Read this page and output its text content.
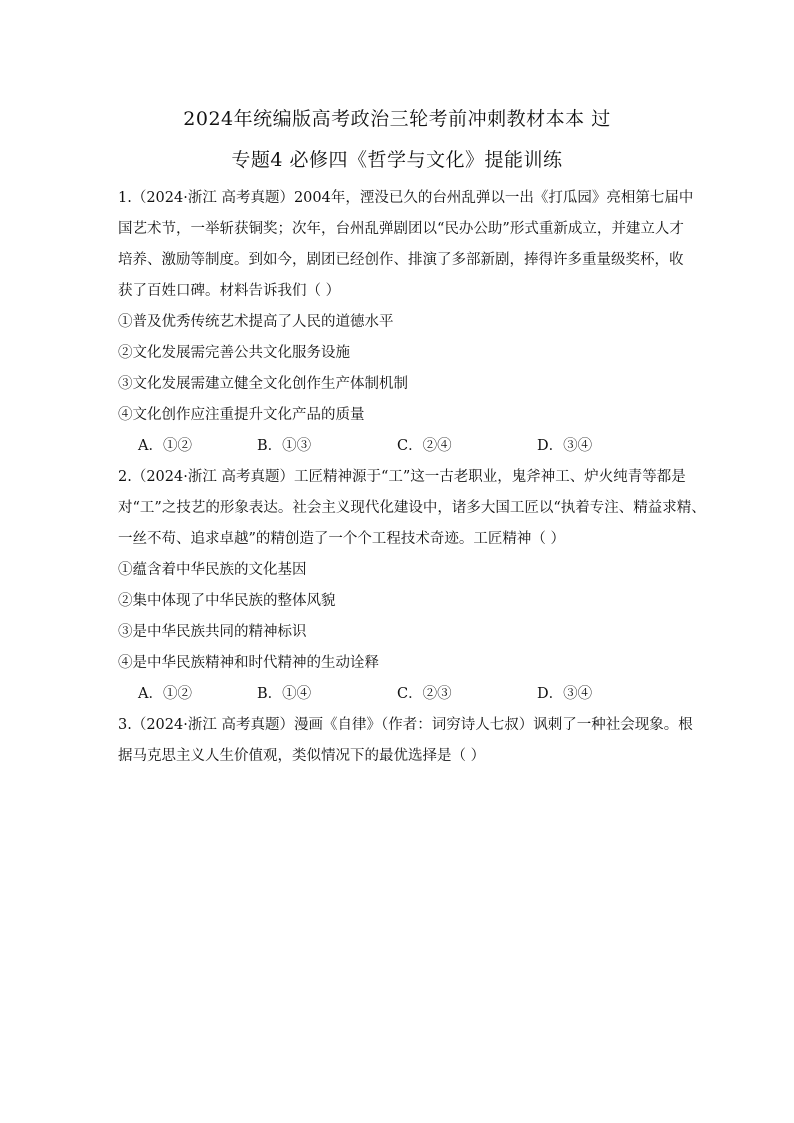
2024年统编版高考政治三轮考前冲刺教材本本 过
专题4 必修四《哲学与文化》提能训练
1.（2024·浙江 高考真题）2004年，湮没已久的台州乱弹以一出《打瓜园》亮相第七届中
国艺术节，一举斩获铜奖；次年，台州乱弹剧团以“民办公助”形式重新成立，并建立人才
培养、激励等制度。到如今，剧团已经创作、排演了多部新剧，捧得许多重量级奖杯，收
获了百姓口碑。材料告诉我们（ ）
①普及优秀传统艺术提高了人民的道德水平
②文化发展需完善公共文化服务设施
③文化发展需建立健全文化创作生产体制机制
④文化创作应注重提升文化产品的质量
A．①②	B．①③	C．②④	D．③④
2.（2024·浙江 高考真题）工匠精神源于“工”这一古老职业，鬼斧神工、炉火纯青等都是
对“工”之技艺的形象表达。社会主义现代化建设中，诸多大国工匠以“执着专注、精益求精、
一丝不苟、追求卓越”的精创造了一个个工程技术奇迹。工匠精神（ ）
①蕴含着中华民族的文化基因
②集中体现了中华民族的整体风貌
③是中华民族共同的精神标识
④是中华民族精神和时代精神的生动诠释
A．①②	B．①④	C．②③	D．③④
3.（2024·浙江 高考真题）漫画《自律》（作者：词穷诗人七叔）讽刺了一种社会现象。根
据马克思主义人生价值观，类似情况下的最优选择是（ ）
